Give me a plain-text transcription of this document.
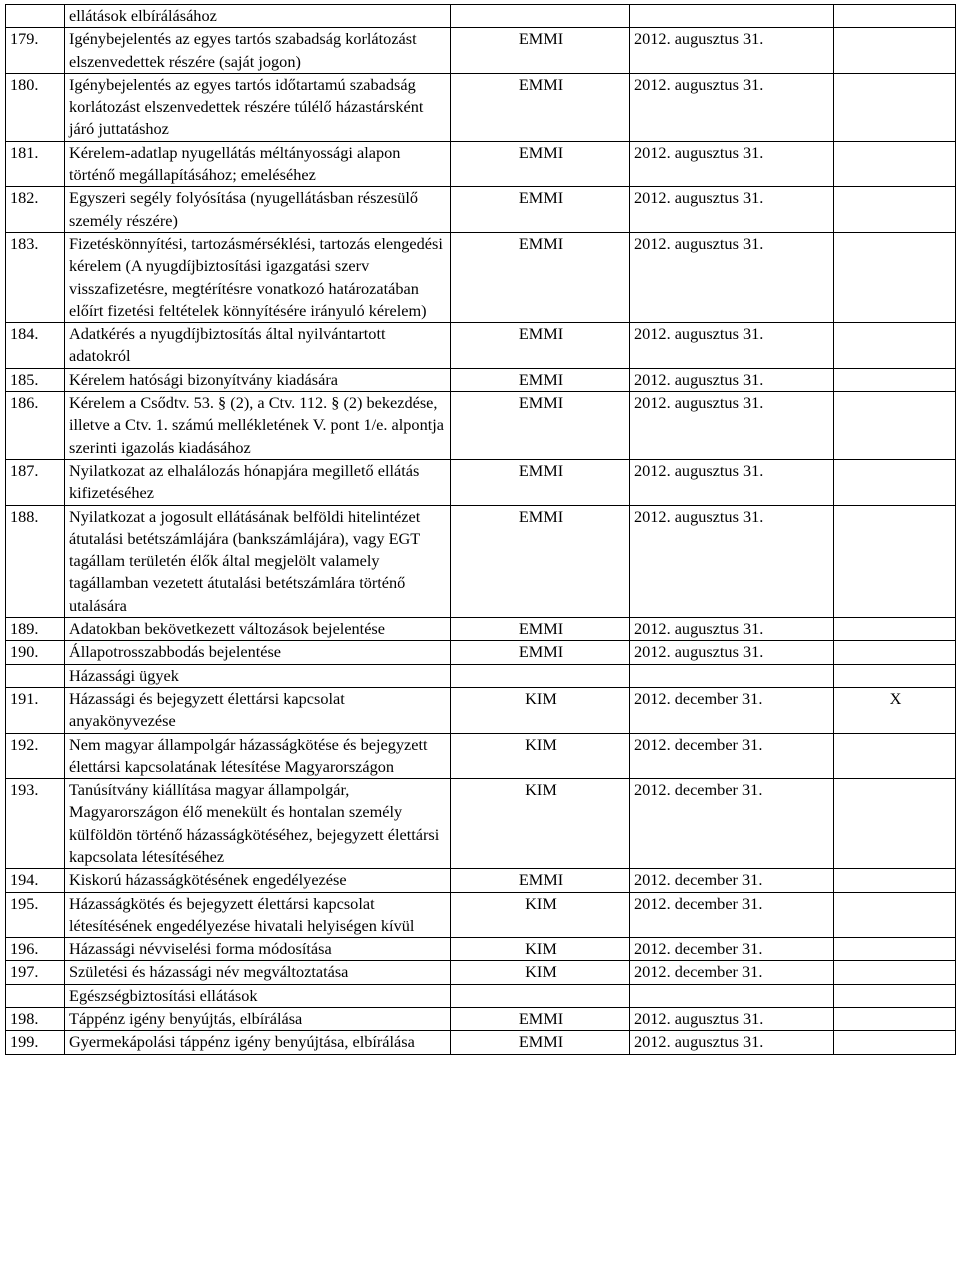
	ellátások elbírálásához			
179.	Igénybejelentés az egyes tartós szabadság korlátozást elszenvedettek részére (saját jogon)	EMMI	2012. augusztus 31.	
180.	Igénybejelentés az egyes tartós időtartamú szabadság korlátozást elszenvedettek részére túlélő házastársként járó juttatáshoz	EMMI	2012. augusztus 31.	
181.	Kérelem-adatlap nyugellátás méltányossági alapon történő megállapításához; emeléséhez	EMMI	2012. augusztus 31.	
182.	Egyszeri segély folyósítása (nyugellátásban részesülő személy részére)	EMMI	2012. augusztus 31.	
183.	Fizetéskönnyítési, tartozásmérséklési, tartozás elengedési kérelem (A nyugdíjbiztosítási igazgatási szerv visszafizetésre, megtérítésre vonatkozó határozatában előírt fizetési feltételek könnyítésére irányuló kérelem)	EMMI	2012. augusztus 31.	
184.	Adatkérés a nyugdíjbiztosítás által nyilvántartott adatokról	EMMI	2012. augusztus 31.	
185.	Kérelem hatósági bizonyítvány kiadására	EMMI	2012. augusztus 31.	
186.	Kérelem a Csődtv. 53. § (2), a Ctv. 112. § (2) bekezdése, illetve a Ctv. 1. számú mellékletének V. pont 1/e. alpontja szerinti igazolás kiadásához	EMMI	2012. augusztus 31.	
187.	Nyilatkozat az elhalálozás hónapjára megillető ellátás kifizetéséhez	EMMI	2012. augusztus 31.	
188.	Nyilatkozat a jogosult ellátásának belföldi hitelintézet átutalási betétszámlájára (bankszámlájára), vagy EGT tagállam területén élők által megjelölt valamely tagállamban vezetett átutalási betétszámlára történő utalására	EMMI	2012. augusztus 31.	
189.	Adatokban bekövetkezett változások bejelentése	EMMI	2012. augusztus 31.	
190.	Állapotrosszabbodás bejelentése	EMMI	2012. augusztus 31.	
	Házassági ügyek			
191.	Házassági és bejegyzett élettársi kapcsolat anyakönyvezése	KIM	2012. december 31.	X
192.	Nem magyar állampolgár házasságkötése és bejegyzett élettársi kapcsolatának létesítése Magyarországon	KIM	2012. december 31.	
193.	Tanúsítvány kiállítása magyar állampolgár, Magyarországon élő menekült és hontalan személy külföldön történő házasságkötéséhez, bejegyzett élettársi kapcsolata létesítéséhez	KIM	2012. december 31.	
194.	Kiskorú házasságkötésének engedélyezése	EMMI	2012. december 31.	
195.	Házasságkötés és bejegyzett élettársi kapcsolat létesítésének engedélyezése hivatali helyiségen kívül	KIM	2012. december 31.	
196.	Házassági névviselési forma módosítása	KIM	2012. december 31.	
197.	Születési és házassági név megváltoztatása	KIM	2012. december 31.	
	Egészségbiztosítási ellátások			
198.	Táppénz igény benyújtás, elbírálása	EMMI	2012. augusztus 31.	
199.	Gyermekápolási táppénz igény benyújtása, elbírálása	EMMI	2012. augusztus 31.	
